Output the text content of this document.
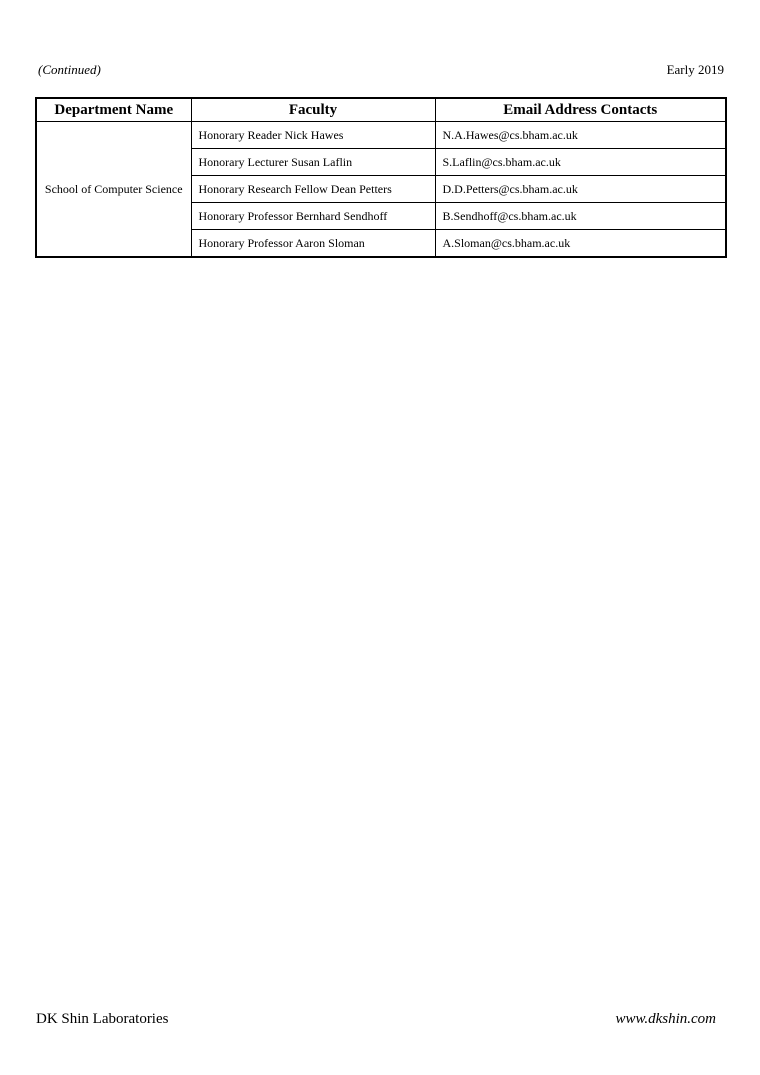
(Continued)	Early 2019
Department Name	Faculty	Email Address Contacts
School of Computer Science	Honorary Reader Nick Hawes	N.A.Hawes@cs.bham.ac.uk
	Honorary Lecturer Susan Laflin	S.Laflin@cs.bham.ac.uk
	Honorary Research Fellow Dean Petters	D.D.Petters@cs.bham.ac.uk
	Honorary Professor Bernhard Sendhoff	B.Sendhoff@cs.bham.ac.uk
	Honorary Professor Aaron Sloman	A.Sloman@cs.bham.ac.uk
DK Shin Laboratories	www.dkshin.com
